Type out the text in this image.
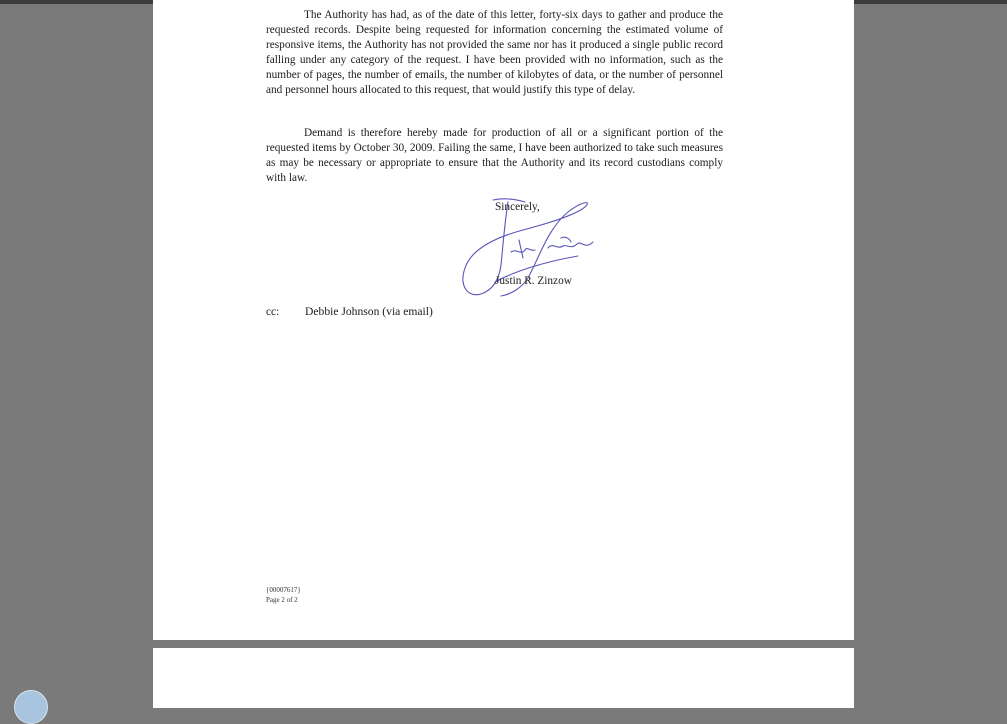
The Authority has had, as of the date of this letter, forty-six days to gather and produce the requested records. Despite being requested for information concerning the estimated volume of responsive items, the Authority has not provided the same nor has it produced a single public record falling under any category of the request. I have been provided with no information, such as the number of pages, the number of emails, the number of kilobytes of data, or the number of personnel and personnel hours allocated to this request, that would justify this type of delay.

Demand is therefore hereby made for production of all or a significant portion of the requested items by October 30, 2009. Failing the same, I have been authorized to take such measures as may be necessary or appropriate to ensure that the Authority and its record custodians comply with law.

Sincerely,
Justin R. Zinzow
cc: Debbie Johnson (via email)
{00007617}
Page 2 of 2
